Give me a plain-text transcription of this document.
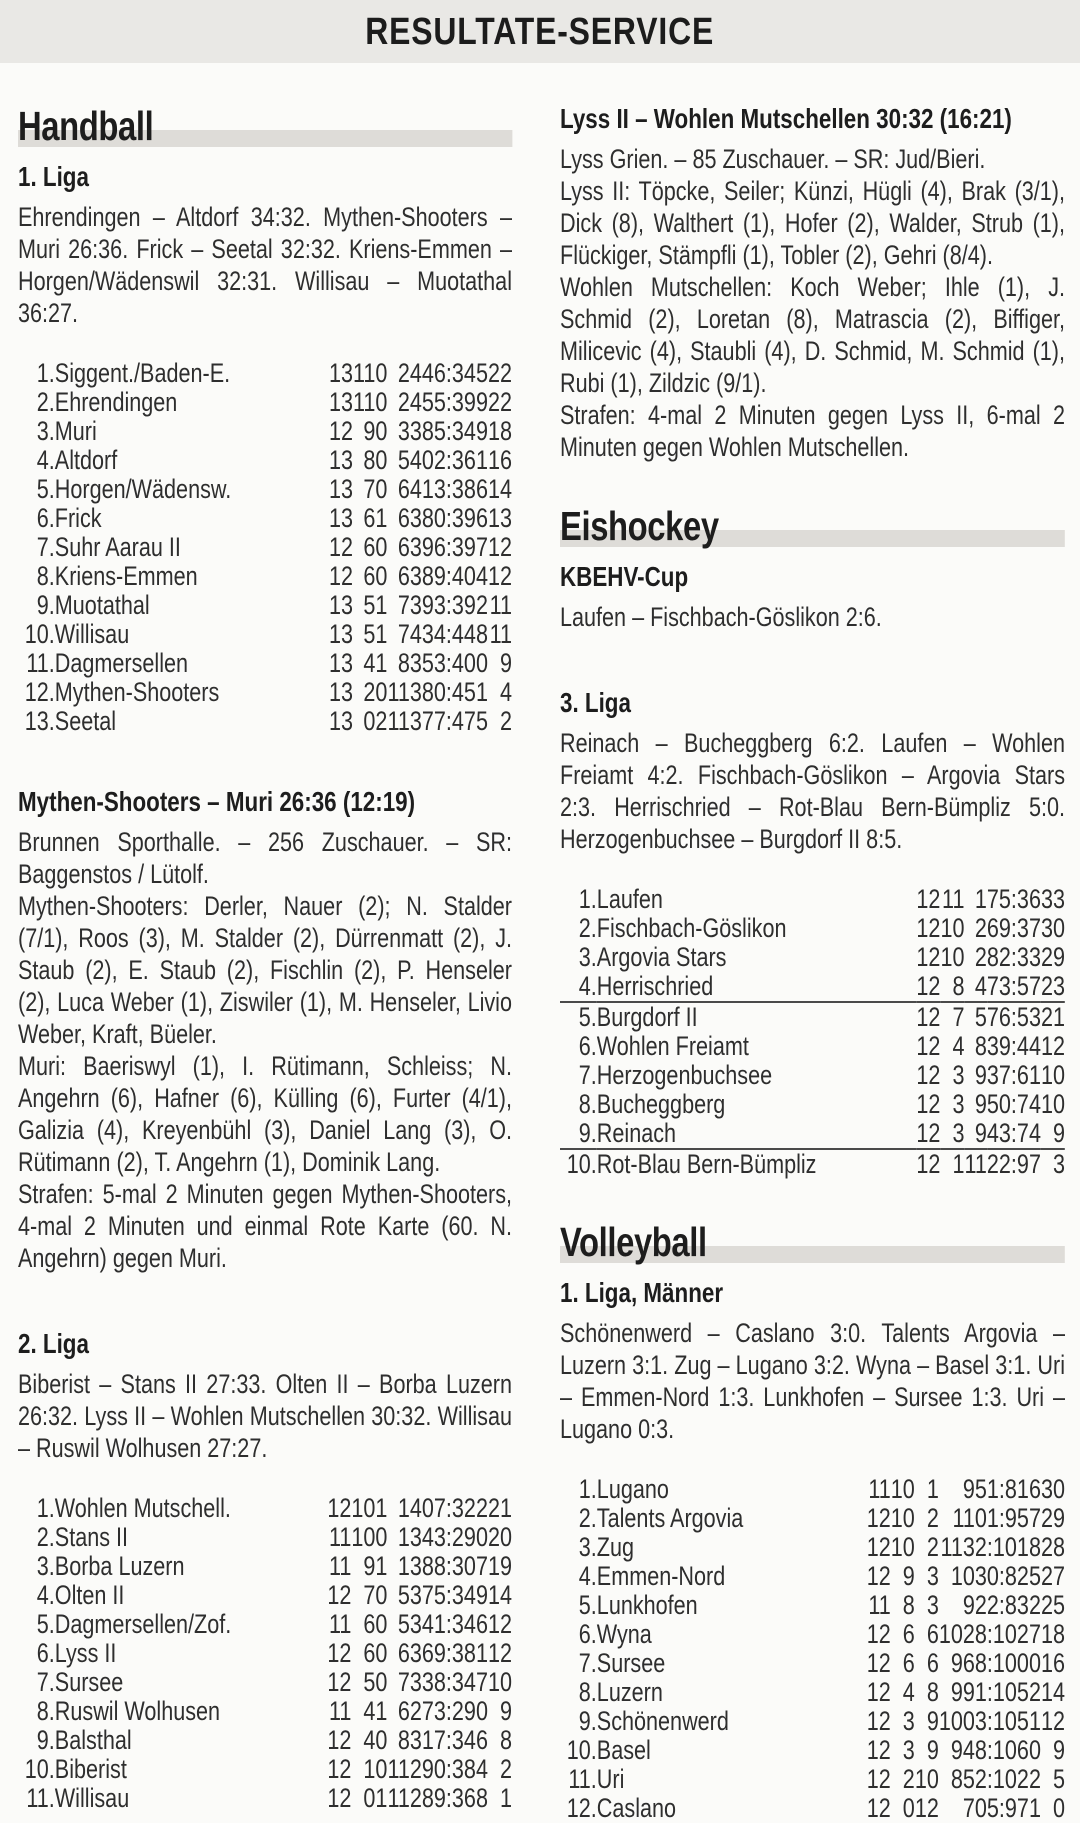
RESULTATE-SERVICE
Handball
1. Liga

Ehrendingen – Altdorf 34:32. Mythen-Shooters – Muri 26:36. Frick – Seetal 32:32. Kriens-Emmen – Horgen/Wädenswil 32:31. Willisau – Muotathal 36:27.

1.	Siggent./Baden-E.	13	11	0	2	446:345	22
2.	Ehrendingen	13	11	0	2	455:399	22
3.	Muri	12	9	0	3	385:349	18
4.	Altdorf	13	8	0	5	402:361	16
5.	Horgen/Wädensw.	13	7	0	6	413:386	14
6.	Frick	13	6	1	6	380:396	13
7.	Suhr Aarau II	12	6	0	6	396:397	12
8.	Kriens-Emmen	12	6	0	6	389:404	12
9.	Muotathal	13	5	1	7	393:392	11
10.	Willisau	13	5	1	7	434:448	11
11.	Dagmersellen	13	4	1	8	353:400	9
12.	Mythen-Shooters	13	2	0	11	380:451	4
13.	Seetal	13	0	2	11	377:475	2
Mythen-Shooters – Muri 26:36 (12:19)

Brunnen Sporthalle. – 256 Zuschauer. – SR: Baggenstos / Lütolf.

Mythen-Shooters: Derler, Nauer (2); N. Stalder (7/1), Roos (3), M. Stalder (2), Dürrenmatt (2), J. Staub (2), E. Staub (2), Fischlin (2), P. Henseler (2), Luca Weber (1), Ziswiler (1), M. Henseler, Livio Weber, Kraft, Büeler.

Muri: Baeriswyl (1), I. Rütimann, Schleiss; N. Angehrn (6), Hafner (6), Külling (6), Furter (4/1), Galizia (4), Kreyenbühl (3), Daniel Lang (3), O. Rütimann (2), T. Angehrn (1), Dominik Lang.

Strafen: 5-mal 2 Minuten gegen Mythen-Shooters, 4-mal 2 Minuten und einmal Rote Karte (60. N. Angehrn) gegen Muri.

2. Liga

Biberist – Stans II 27:33. Olten II – Borba Luzern 26:32. Lyss II – Wohlen Mutschellen 30:32. Willisau – Ruswil Wolhusen 27:27.

1.	Wohlen Mutschell.	12	10	1	1	407:322	21
2.	Stans II	11	10	0	1	343:290	20
3.	Borba Luzern	11	9	1	1	388:307	19
4.	Olten II	12	7	0	5	375:349	14
5.	Dagmersellen/Zof.	11	6	0	5	341:346	12
6.	Lyss II	12	6	0	6	369:381	12
7.	Sursee	12	5	0	7	338:347	10
8.	Ruswil Wolhusen	11	4	1	6	273:290	9
9.	Balsthal	12	4	0	8	317:346	8
10.	Biberist	12	1	0	11	290:384	2
11.	Willisau	12	0	1	11	289:368	1
Lyss II – Wohlen Mutschellen 30:32 (16:21)

Lyss Grien. – 85 Zuschauer. – SR: Jud/Bieri.

Lyss II: Töpcke, Seiler; Künzi, Hügli (4), Brak (3/1), Dick (8), Walthert (1), Hofer (2), Walder, Strub (1), Flückiger, Stämpfli (1), Tobler (2), Gehri (8/4).

Wohlen Mutschellen: Koch Weber; Ihle (1), J. Schmid (2), Loretan (8), Matrascia (2), Biffiger, Milicevic (4), Staubli (4), D. Schmid, M. Schmid (1), Rubi (1), Zildzic (9/1).

Strafen: 4-mal 2 Minuten gegen Lyss II, 6-mal 2 Minuten gegen Wohlen Mutschellen.

Eishockey
KBEHV-Cup

Laufen – Fischbach-Göslikon 2:6.

3. Liga

Reinach – Bucheggberg 6:2. Laufen – Wohlen Freiamt 4:2. Fischbach-Göslikon – Argovia Stars 2:3. Herrischried – Rot-Blau Bern-Bümpliz 5:0. Herzogenbuchsee – Burgdorf II 8:5.

1.	Laufen	12	11	1	75:36	33
2.	Fischbach-Göslikon	12	10	2	69:37	30
3.	Argovia Stars	12	10	2	82:33	29
4.	Herrischried	12	8	4	73:57	23
5.	Burgdorf II	12	7	5	76:53	21
6.	Wohlen Freiamt	12	4	8	39:44	12
7.	Herzogenbuchsee	12	3	9	37:61	10
8.	Bucheggberg	12	3	9	50:74	10
9.	Reinach	12	3	9	43:74	9
10.	Rot-Blau Bern-Bümpliz	12	1	11	22:97	3
Volleyball
1. Liga, Männer

Schönenwerd – Caslano 3:0. Talents Argovia – Luzern 3:1. Zug – Lugano 3:2. Wyna – Basel 3:1. Uri – Emmen-Nord 1:3. Lunkhofen – Sursee 1:3. Uri – Lugano 0:3.

1.	Lugano	11	10	1	951:816	30
2.	Talents Argovia	12	10	2	1101:957	29
3.	Zug	12	10	2	1132:1018	28
4.	Emmen-Nord	12	9	3	1030:825	27
5.	Lunkhofen	11	8	3	922:832	25
6.	Wyna	12	6	6	1028:1027	18
7.	Sursee	12	6	6	968:1000	16
8.	Luzern	12	4	8	991:1052	14
9.	Schönenwerd	12	3	9	1003:1051	12
10.	Basel	12	3	9	948:1060	9
11.	Uri	12	2	10	852:1022	5
12.	Caslano	12	0	12	705:971	0
